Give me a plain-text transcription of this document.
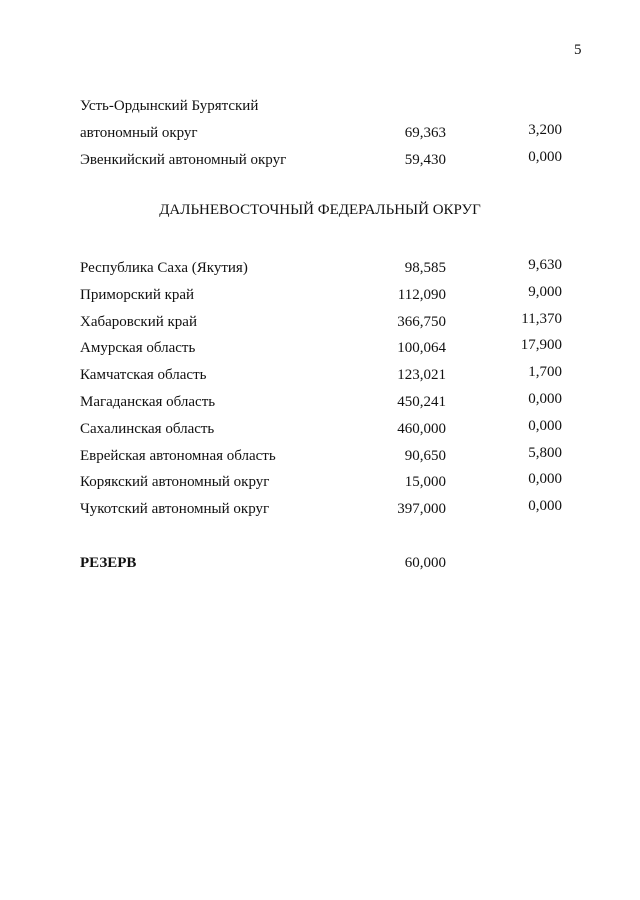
5
Усть-Ордынский Бурятский
автономный округ	69,363	3,200
Эвенкийский автономный округ	59,430	0,000
ДАЛЬНЕВОСТОЧНЫЙ ФЕДЕРАЛЬНЫЙ ОКРУГ
Республика Саха (Якутия)	98,585	9,630
Приморский край	112,090	9,000
Хабаровский край	366,750	11,370
Амурская область	100,064	17,900
Камчатская область	123,021	1,700
Магаданская область	450,241	0,000
Сахалинская область	460,000	0,000
Еврейская автономная область	90,650	5,800
Корякский автономный округ	15,000	0,000
Чукотский автономный округ	397,000	0,000
РЕЗЕРВ	60,000
